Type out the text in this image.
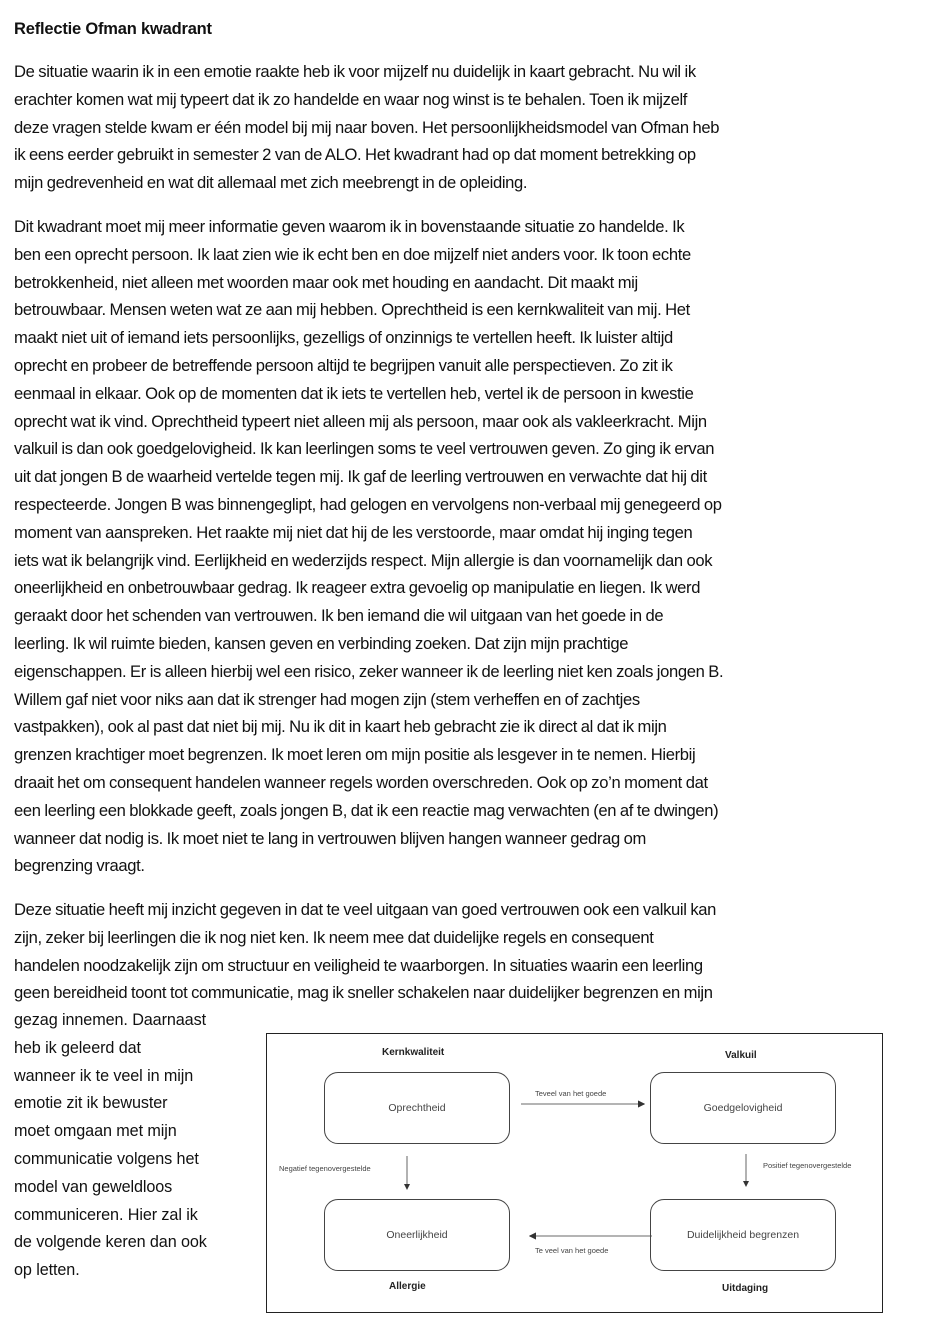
Reflectie Ofman kwadrant
De situatie waarin ik in een emotie raakte heb ik voor mijzelf nu duidelijk in kaart gebracht. Nu wil ik
erachter komen wat mij typeert dat ik zo handelde en waar nog winst is te behalen. Toen ik mijzelf
deze vragen stelde kwam er één model bij mij naar boven. Het persoonlijkheidsmodel van Ofman heb
ik eens eerder gebruikt in semester 2 van de ALO. Het kwadrant had op dat moment betrekking op
mijn gedrevenheid en wat dit allemaal met zich meebrengt in de opleiding.
Dit kwadrant moet mij meer informatie geven waarom ik in bovenstaande situatie zo handelde. Ik
ben een oprecht persoon. Ik laat zien wie ik echt ben en doe mijzelf niet anders voor. Ik toon echte
betrokkenheid, niet alleen met woorden maar ook met houding en aandacht. Dit maakt mij
betrouwbaar. Mensen weten wat ze aan mij hebben. Oprechtheid is een kernkwaliteit van mij. Het
maakt niet uit of iemand iets persoonlijks, gezelligs of onzinnigs te vertellen heeft. Ik luister altijd
oprecht en probeer de betreffende persoon altijd te begrijpen vanuit alle perspectieven. Zo zit ik
eenmaal in elkaar. Ook op de momenten dat ik iets te vertellen heb, vertel ik de persoon in kwestie
oprecht wat ik vind. Oprechtheid typeert niet alleen mij als persoon, maar ook als vakleerkracht. Mijn
valkuil is dan ook goedgelovigheid. Ik kan leerlingen soms te veel vertrouwen geven. Zo ging ik ervan
uit dat jongen B de waarheid vertelde tegen mij. Ik gaf de leerling vertrouwen en verwachte dat hij dit
respecteerde. Jongen B was binnengeglipt, had gelogen en vervolgens non-verbaal mij genegeerd op
moment van aanspreken. Het raakte mij niet dat hij de les verstoorde, maar omdat hij inging tegen
iets wat ik belangrijk vind. Eerlijkheid en wederzijds respect. Mijn allergie is dan voornamelijk dan ook
oneerlijkheid en onbetrouwbaar gedrag. Ik reageer extra gevoelig op manipulatie en liegen. Ik werd
geraakt door het schenden van vertrouwen. Ik ben iemand die wil uitgaan van het goede in de
leerling. Ik wil ruimte bieden, kansen geven en verbinding zoeken. Dat zijn mijn prachtige
eigenschappen. Er is alleen hierbij wel een risico, zeker wanneer ik de leerling niet ken zoals jongen B.
Willem gaf niet voor niks aan dat ik strenger had mogen zijn (stem verheffen en of zachtjes
vastpakken), ook al past dat niet bij mij. Nu ik dit in kaart heb gebracht zie ik direct al dat ik mijn
grenzen krachtiger moet begrenzen. Ik moet leren om mijn positie als lesgever in te nemen. Hierbij
draait het om consequent handelen wanneer regels worden overschreden. Ook op zo’n moment dat
een leerling een blokkade geeft, zoals jongen B, dat ik een reactie mag verwachten (en af te dwingen)
wanneer dat nodig is. Ik moet niet te lang in vertrouwen blijven hangen wanneer gedrag om
begrenzing vraagt.
Deze situatie heeft mij inzicht gegeven in dat te veel uitgaan van goed vertrouwen ook een valkuil kan
zijn, zeker bij leerlingen die ik nog niet ken. Ik neem mee dat duidelijke regels en consequent
handelen noodzakelijk zijn om structuur en veiligheid te waarborgen. In situaties waarin een leerling
geen bereidheid toont tot communicatie, mag ik sneller schakelen naar duidelijker begrenzen en mijn
gezag innemen. Daarnaast
heb ik geleerd dat
wanneer ik te veel in mijn
emotie zit ik bewuster
moet omgaan met mijn
communicatie volgens het
model van geweldloos
communiceren. Hier zal ik
de volgende keren dan ook
op letten.
Kernkwaliteit	Valkuil
Allergie	Uitdaging
Oprechtheid	Goedgelovigheid
Oneerlijkheid	Duidelijkheid begrenzen
Teveel van het goede
Negatief tegenovergestelde	Positief tegenovergestelde
Te veel van het goede
